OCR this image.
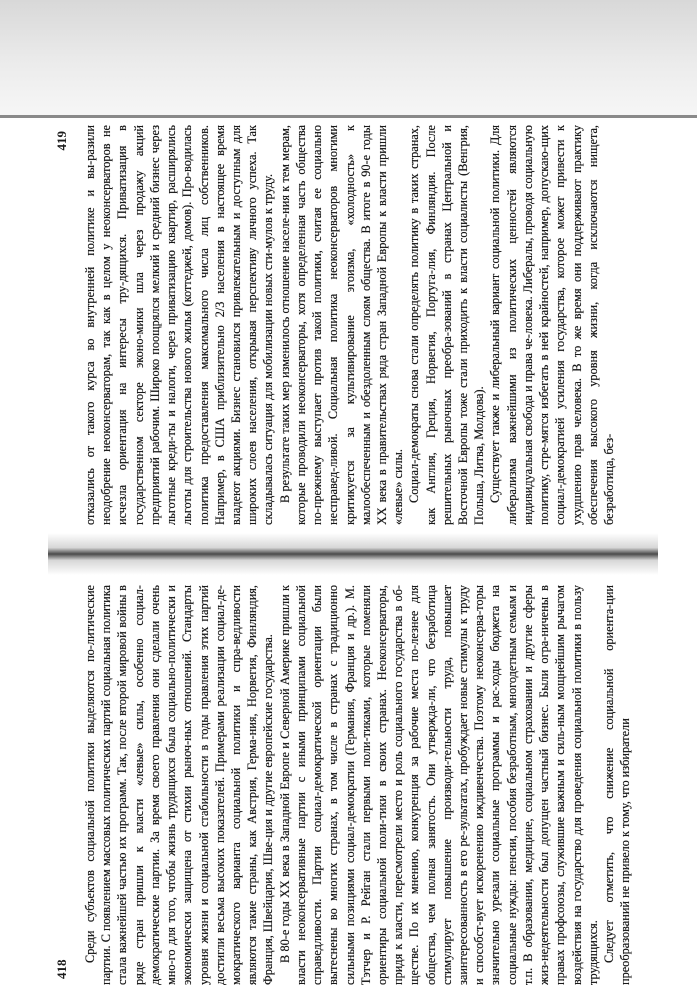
418

Среди субъектов социальной политики выделяются по-литические партии. С появлением массовых политических партий социальная политика стала важнейшей частью их программ. Так, после второй мировой войны в ряде стран пришли к власти «левые» силы, особенно социал-демократические партии. За время своего правления они сделали очень мно-го для того, чтобы жизнь трудящихся была социально-политически и экономически защищена от стихии рыноч-ных отношений. Стандарты уровня жизни и социальной стабильности в годы правления этих партий достигли весьма высоких показателей. Примерами реализации социал-де-мократического варианта социальной политики и спра-ведливости являются такие страны, как Австрия, Герма-ния, Норвегия, Финляндия, Франция, Швейцария, Шве-ция и другие европейские государства. В 80-е годы XX века в Западной Европе и Северной Америке пришли к власти неоконсервативные партии с иными принципами социальной справедливости. Партии социал-демократической ориентации были вытеснены во многих странах, в том числе в странах с традиционно сильными позициями социал-демократии (Германия, Франция и др.). М. Тэтчер и Р. Рейган стали первыми поли-тиками, которые поменяли ориентиры социальной поли-тики в своих странах. Неоконсерваторы, придя к власти, пересмотрели место и роль социального государства в об-ществе. По их мнению, конкуренция за рабочие места по-лезнее для общества, чем полная занятость. Они утвержда-ли, что безработица стимулирует повышение производи-тельности труда, повышает заинтересованность в его ре-зультатах, пробуждает новые стимулы к труду и способст-вует искоренению иждивенчества. Поэтому неоконсерва-торы значительно урезали социальные программы и рас-ходы бюджета на социальные нужды: пенсии, пособия безработным, многодетным семьям и т.п. В образовании, медицине, социальном страховании и другие сферы жиз-недеятельности был допущен частный бизнес. Были огра-ничены в правах профсоюзы, служившие важным и силь-ным мощнейшим рычагом воздействия на государство для проведения социальной политики в пользу трудящихся. Следует отметить, что снижение социальной ориента-ции преобразований не привело к тому, что избиратели

419 отказались от такого курса во внутренней политике и вы-разили неодобрение неоконсерваторам, так как в целом у неоконсерваторов не исчезла ориентация на интересы тру-дящихся. Приватизация в государственном секторе эконо-мики шла через продажу акций предприятий рабочим. Широко поощрялся мелкий и средний бизнес через льготные креди-ты и налоги, через приватизацию квартир, расширялись льготы для строительства нового жилья (коттеджей, домов). Про-водилась политика предоставления максимального числа лиц собственников. Например, в США приблизительно 2/3 населения в настоящее время владеют акциями. Бизнес становился привлекательным и доступным для широких слоев населения, открывая перспективу личного успеха. Так складывалась ситуация для мобилизации новых сти-мулов к труду. В результате таких мер изменилось отношение населе-ния к тем мерам, которые проводили неоконсерваторы, хотя определенная часть общества по-прежнему выступает против такой политики, считая ее социально несправед-ливой. Социальная политика неоконсерваторов многими критикуется за культивирование эгоизма, «холодность» к малообеспеченным и обездоленным слоям общества. В итоге в 90-е годы XX века в правительствах ряда стран Западной Европы к власти пришли «левые» силы. Социал-демократы снова стали определять политику в таких странах, как Англия, Греция, Норвегия, Португа-лия, Финляндия. После решительных рыночных преобра-зований в странах Центральной и Восточной Европы тоже стали приходить к власти социалисты (Венгрия, Польша, Литва, Молдова). Существует также и либеральный вариант социальной политики. Для либерализма важнейшими из политических ценностей являются индивидуальная свобода и права че-ловека. Либералы, проводя социальную политику, стре-мятся избегать в ней крайностей, например, допускаю-щих социал-демократией усиления государства, которое может привести к ухудшению прав человека. В то же время они поддерживают практику обеспечения высокого уровня жизни, когда исключаются нищета, безработица, без-
